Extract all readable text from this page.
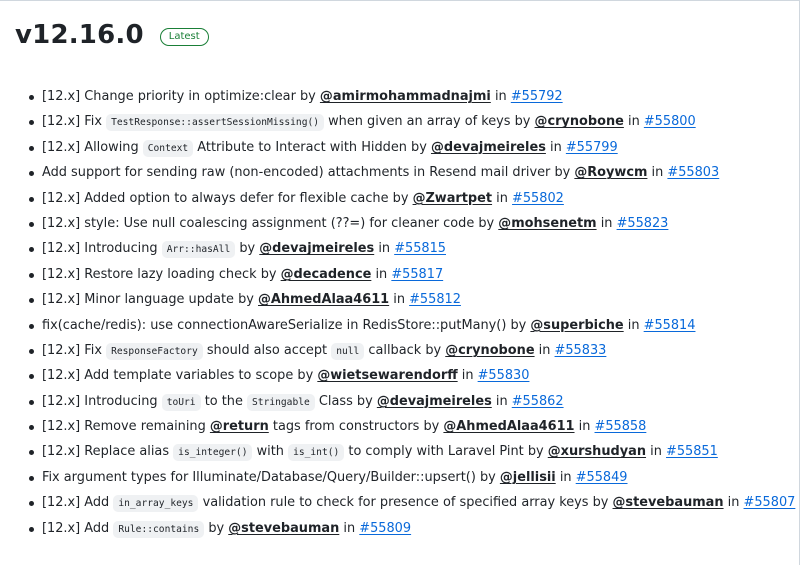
v12.16.0	Latest
[12.x] Change priority in optimize:clear by @amirmohammadnajmi in #55792
[12.x] Fix TestResponse::assertSessionMissing() when given an array of keys by @crynobone in #55800
[12.x] Allowing Context Attribute to Interact with Hidden by @devajmeireles in #55799
Add support for sending raw (non-encoded) attachments in Resend mail driver by @Roywcm in #55803
[12.x] Added option to always defer for flexible cache by @Zwartpet in #55802
[12.x] style: Use null coalescing assignment (??=) for cleaner code by @mohsenetm in #55823
[12.x] Introducing Arr::hasAll by @devajmeireles in #55815
[12.x] Restore lazy loading check by @decadence in #55817
[12.x] Minor language update by @AhmedAlaa4611 in #55812
fix(cache/redis): use connectionAwareSerialize in RedisStore::putMany() by @superbiche in #55814
[12.x] Fix ResponseFactory should also accept null callback by @crynobone in #55833
[12.x] Add template variables to scope by @wietsewarendorff in #55830
[12.x] Introducing toUri to the Stringable Class by @devajmeireles in #55862
[12.x] Remove remaining @return tags from constructors by @AhmedAlaa4611 in #55858
[12.x] Replace alias is_integer() with is_int() to comply with Laravel Pint by @xurshudyan in #55851
Fix argument types for Illuminate/Database/Query/Builder::upsert() by @jellisii in #55849
[12.x] Add in_array_keys validation rule to check for presence of specified array keys by @stevebauman in #55807
[12.x] Add Rule::contains by @stevebauman in #55809
